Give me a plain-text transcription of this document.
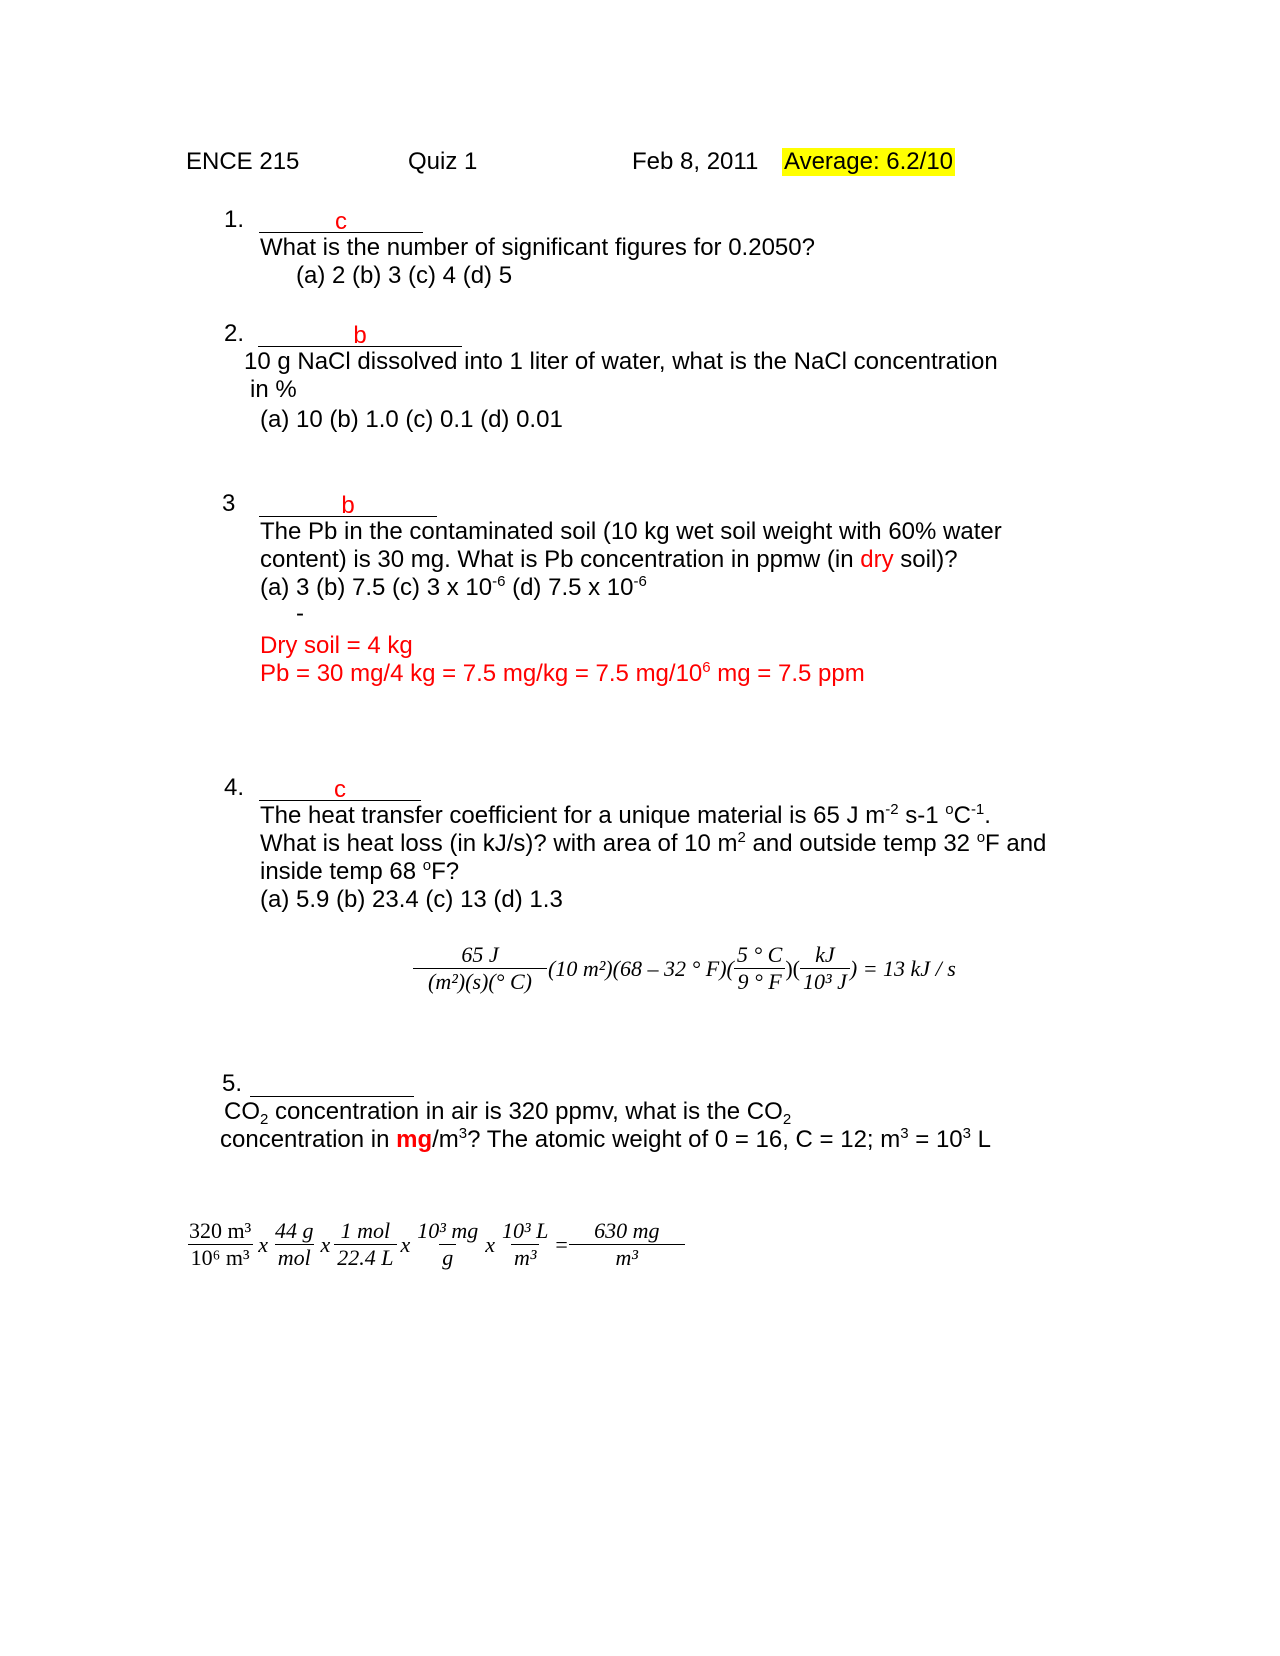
ENCE 215	Quiz 1	Feb 8, 2011 Average: 6.2/10
1.	c
What is the number of significant figures for 0.2050?
(a) 2 (b) 3 (c) 4 (d) 5
2.	b
10 g NaCl dissolved into 1 liter of water, what is the NaCl concentration
in %
(a) 10 (b) 1.0 (c) 0.1 (d) 0.01
3	b
The Pb in the contaminated soil (10 kg wet soil weight with 60% water
content) is 30 mg. What is Pb concentration in ppmw (in dry soil)?
(a) 3 (b) 7.5 (c) 3 x $10^{-6}$ (d) 7.5 x $10^{-6}$
-
Dry soil = 4 kg
Pb = 30 mg/4 kg = 7.5 mg/kg = 7.5 $mg/10^6$ mg = 7.5 ppm
4.	c
The heat transfer coefficient for a unique material is 65 J $m^{-2}$ s-1 $^oC^{-1}$.
What is heat loss (in kJ/s)? with area of 10 $m^2$ and outside temp 32 $^o$F and
inside temp 68 $^o$F?
(a) 5.9 (b) 23.4 (c) 13 (d) 1.3
$\frac{65 J}{\text{(m²)(s)(° C)}} (10$ m²)(68 – 32 ° $F)( \frac{5 ^\circ C}{9 ^\circ F}$ )( $\frac{kJ}{\text{10³ J}}$ ) = 13 kJ / s
5.
$CO_2$ concentration in air is 320 ppmv, what is the $CO_2$
concentration in $mg/m^3$? The atomic weight of 0 = 16, C = 12; $m^3 = 10^3$ L
$\frac{\text{320 m³}}{\text{10⁶ m³}}$ x $\frac{44 g}{\text{mol}}$ x $\frac{\text{1 mol}}{22.4 L}$ x $\frac{\text{10³ mg}}{g}$ x $\frac{\text{10³ L}}{\text{m³}} = \frac{630 mg}{\text{m³}}$
